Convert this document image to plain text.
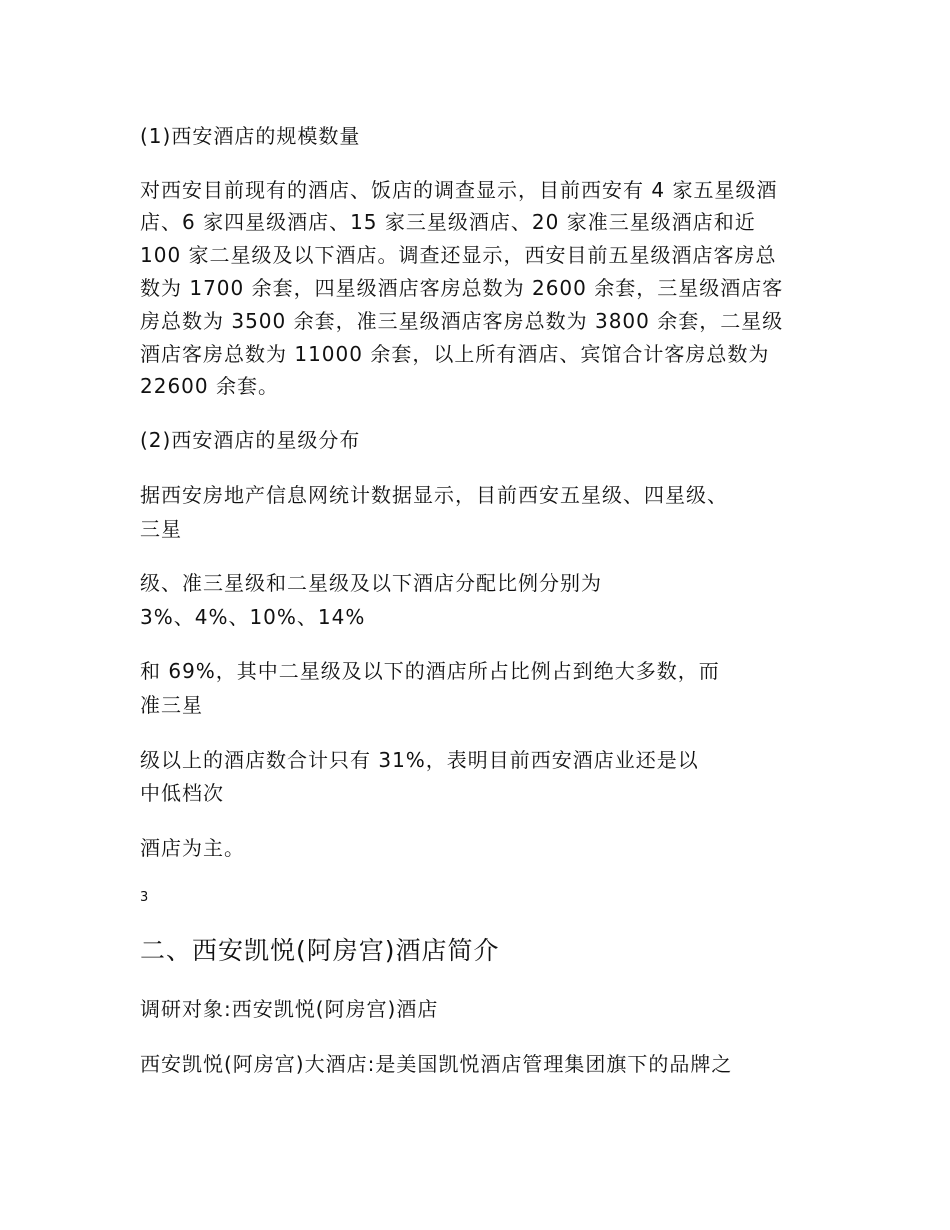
(1)西安酒店的规模数量
对西安目前现有的酒店、饭店的调查显示，目前西安有 4 家五星级酒
店、6 家四星级酒店、15 家三星级酒店、20 家准三星级酒店和近
100 家二星级及以下酒店。调查还显示，西安目前五星级酒店客房总
数为 1700 余套，四星级酒店客房总数为 2600 余套，三星级酒店客
房总数为 3500 余套，准三星级酒店客房总数为 3800 余套，二星级
酒店客房总数为 11000 余套，以上所有酒店、宾馆合计客房总数为
22600 余套。
(2)西安酒店的星级分布
据西安房地产信息网统计数据显示，目前西安五星级、四星级、
三星
级、准三星级和二星级及以下酒店分配比例分别为
3%、4%、10%、14%
和 69%，其中二星级及以下的酒店所占比例占到绝大多数，而
准三星
级以上的酒店数合计只有 31%，表明目前西安酒店业还是以
中低档次
酒店为主。
3
二、西安凯悦(阿房宫)酒店简介
调研对象:西安凯悦(阿房宫)酒店
西安凯悦(阿房宫)大酒店:是美国凯悦酒店管理集团旗下的品牌之
